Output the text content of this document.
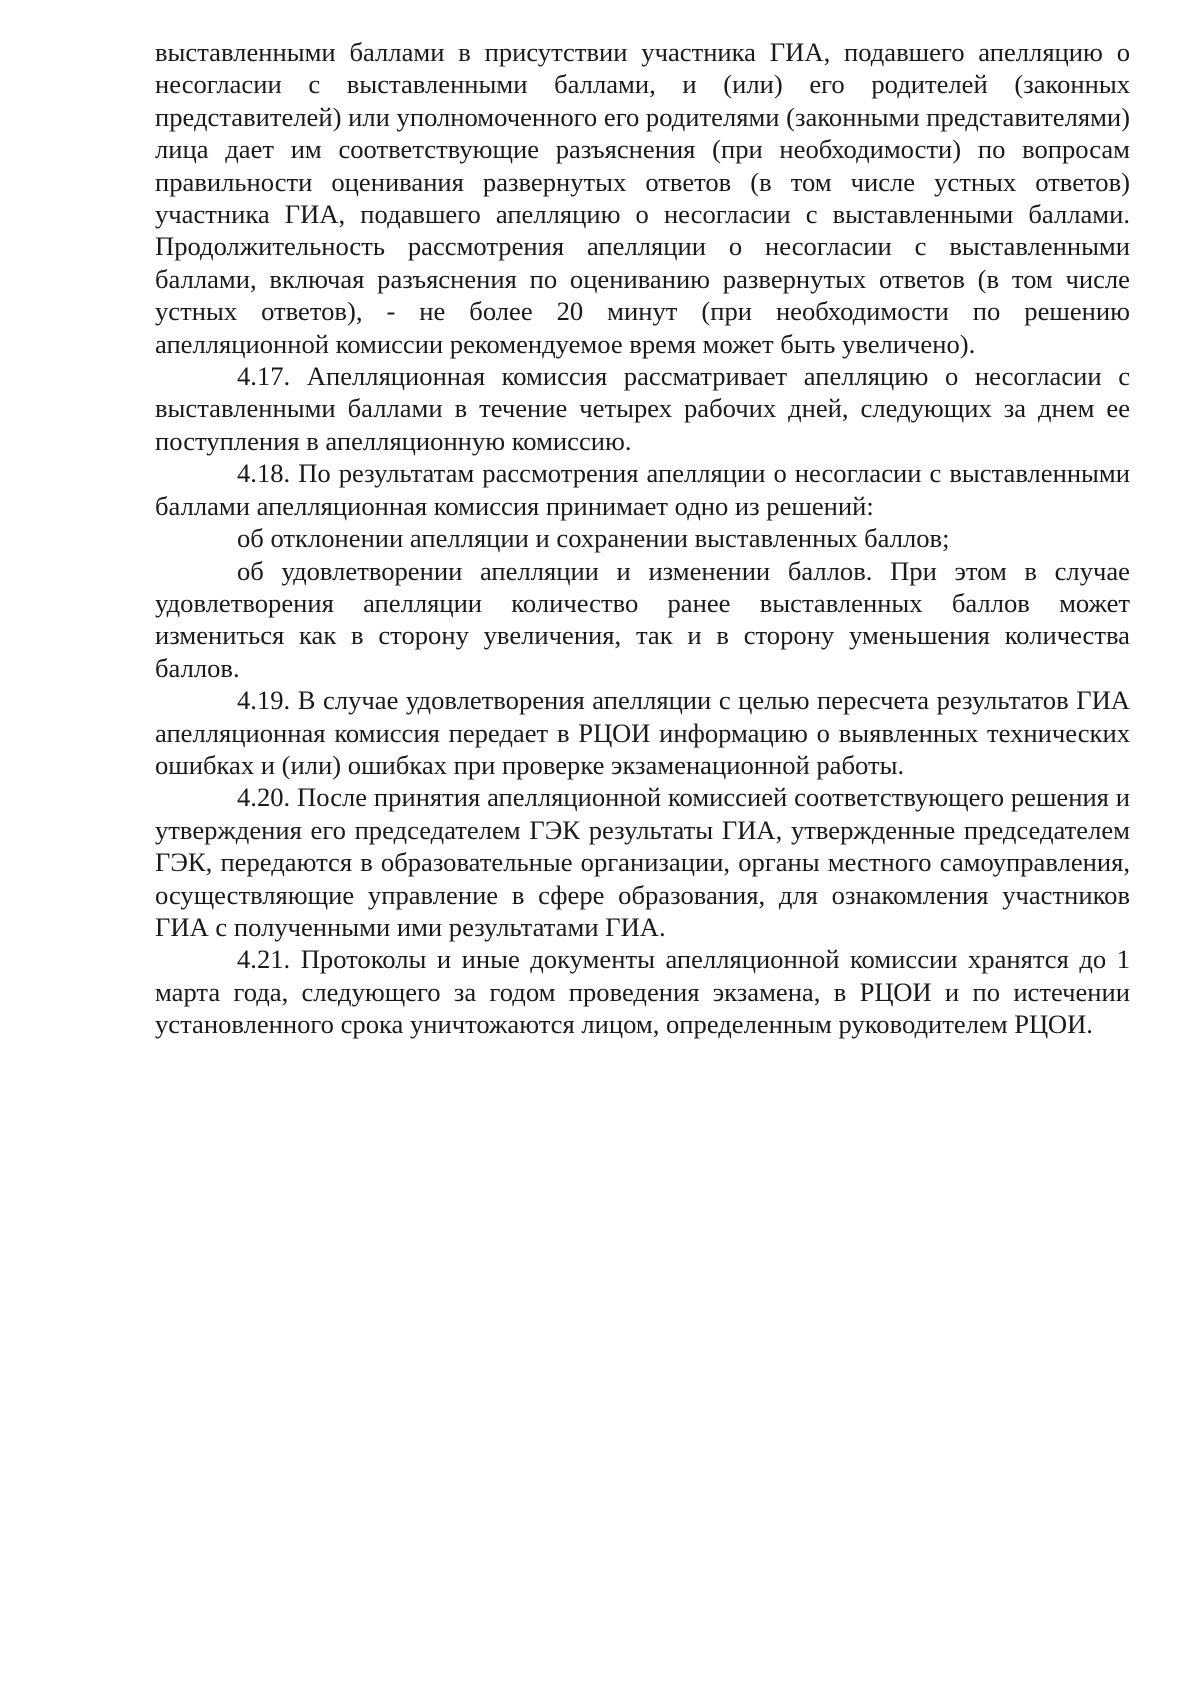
выставленными баллами в присутствии участника ГИА, подавшего апелляцию о несогласии с выставленными баллами, и (или) его родителей (законных представителей) или уполномоченного его родителями (законными представителями) лица дает им соответствующие разъяснения (при необходимости) по вопросам правильности оценивания развернутых ответов (в том числе устных ответов) участника ГИА, подавшего апелляцию о несогласии с выставленными баллами. Продолжительность рассмотрения апелляции о несогласии с выставленными баллами, включая разъяснения по оцениванию развернутых ответов (в том числе устных ответов), - не более 20 минут (при необходимости по решению апелляционной комиссии рекомендуемое время может быть увеличено).

4.17. Апелляционная комиссия рассматривает апелляцию о несогласии с выставленными баллами в течение четырех рабочих дней, следующих за днем ее поступления в апелляционную комиссию.

4.18. По результатам рассмотрения апелляции о несогласии с выставленными баллами апелляционная комиссия принимает одно из решений:

об отклонении апелляции и сохранении выставленных баллов;

об удовлетворении апелляции и изменении баллов. При этом в случае удовлетворения апелляции количество ранее выставленных баллов может измениться как в сторону увеличения, так и в сторону уменьшения количества баллов.

4.19. В случае удовлетворения апелляции с целью пересчета результатов ГИА апелляционная комиссия передает в РЦОИ информацию о выявленных технических ошибках и (или) ошибках при проверке экзаменационной работы.

4.20. После принятия апелляционной комиссией соответствующего решения и утверждения его председателем ГЭК результаты ГИА, утвержденные председателем ГЭК, передаются в образовательные организации, органы местного самоуправления, осуществляющие управление в сфере образования, для ознакомления участников ГИА с полученными ими результатами ГИА.

4.21. Протоколы и иные документы апелляционной комиссии хранятся до 1 марта года, следующего за годом проведения экзамена, в РЦОИ и по истечении установленного срока уничтожаются лицом, определенным руководителем РЦОИ.
